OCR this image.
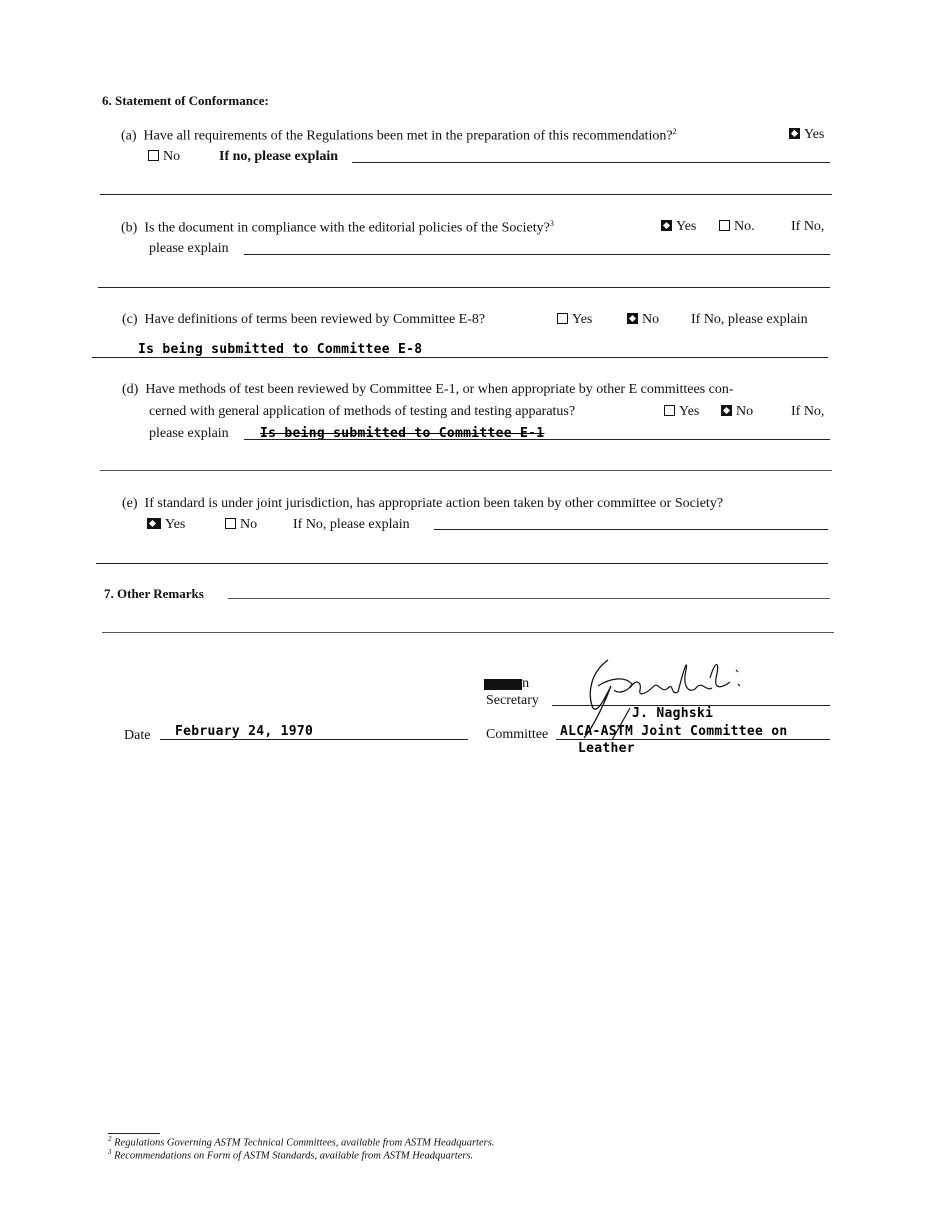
6. Statement of Conformance:
(a) Have all requirements of the Regulations been met in the preparation of this recommendation?$^2$	Yes
No	If no, please explain
(b) Is the document in compliance with the editorial policies of the Society?$^3$	Yes	No.	If No,
please explain
(c) Have definitions of terms been reviewed by Committee E-8?	Yes	No If No, please explain
Is being submitted to Committee E-8
(d) Have methods of test been reviewed by Committee E-1, or when appropriate by other E committees con-
cerned with general application of methods of testing and testing apparatus?	Yes	No	If No,
please explain Is being submitted to Committee E-1
(e) If standard is under joint jurisdiction, has appropriate action been taken by other committee or Society?
Yes	No	If No, please explain
7. Other Remarks
XXXXXXn
Secretary
J. Naghski
Date February 24, 1970	Committee ALCA-ASTM Joint Committee on
Leather
$^2$ Regulations Governing ASTM Technical Committees, available from ASTM Headquarters.
$^3$ Recommendations on Form of ASTM Standards, available from ASTM Headquarters.
